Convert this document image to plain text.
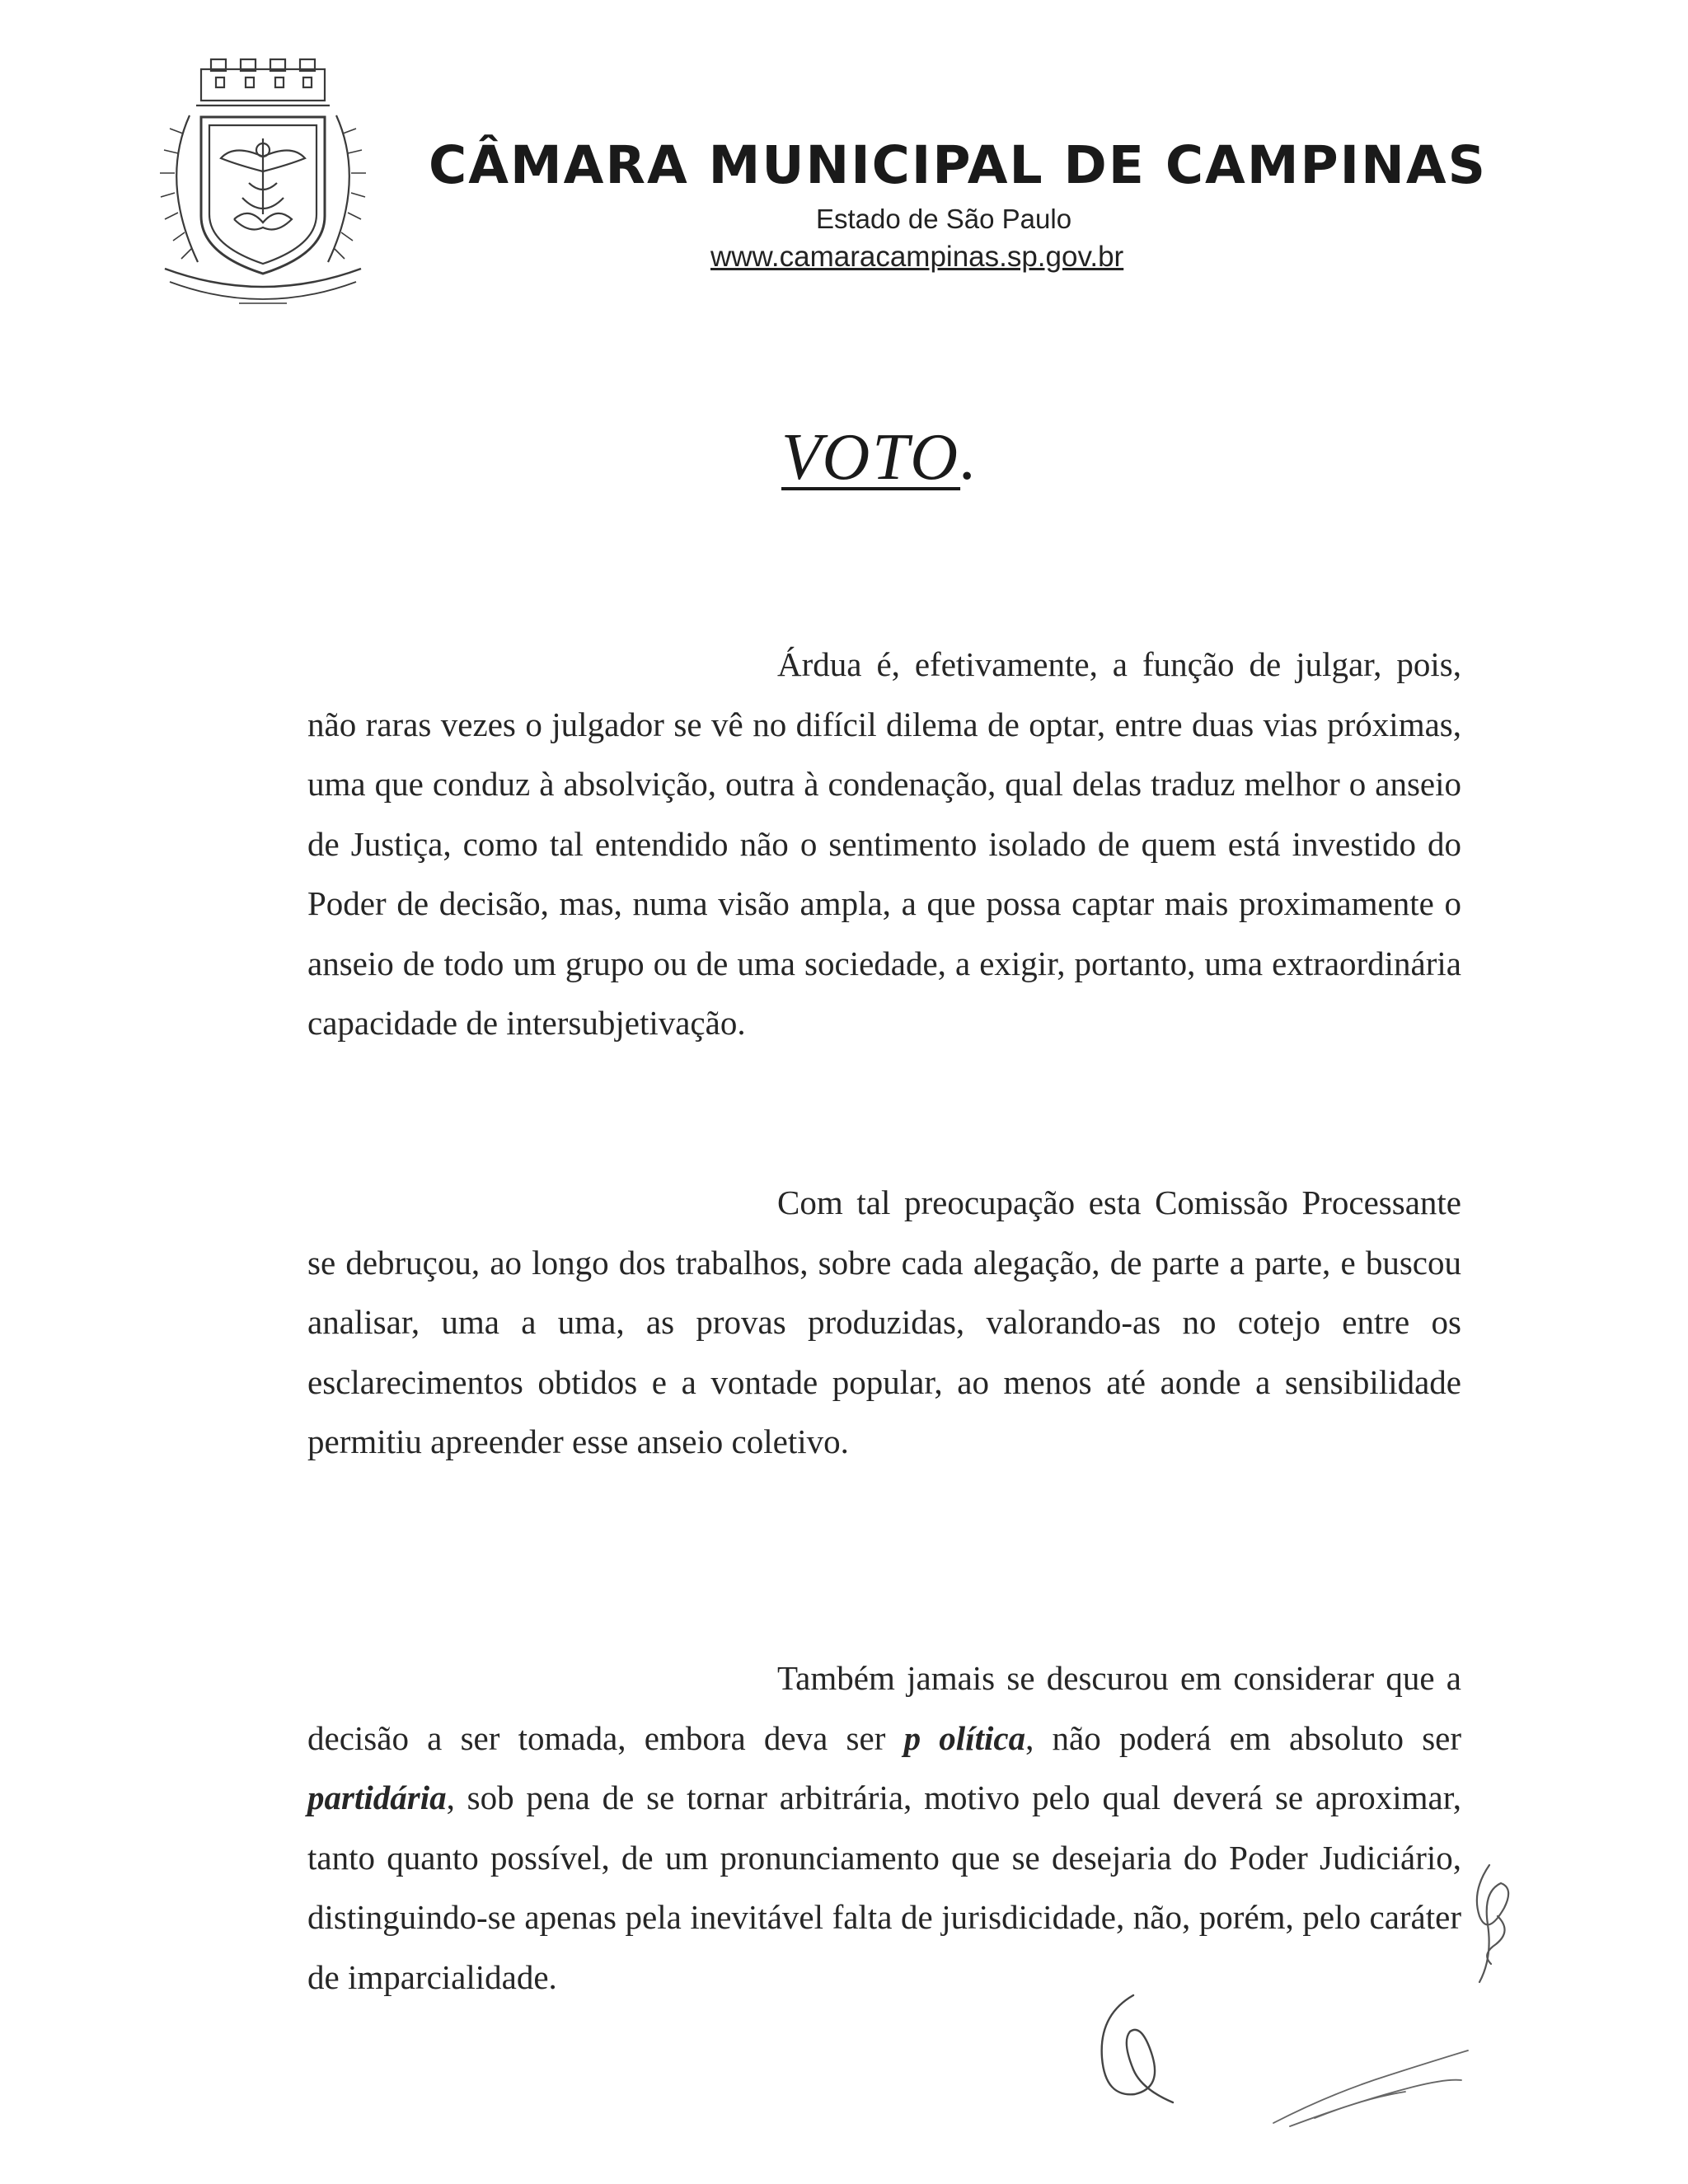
CÂMARA MUNICIPAL DE CAMPINAS
Estado de São Paulo
www.camaracampinas.sp.gov.br
VOTO.

Árdua é, efetivamente, a função de julgar, pois, não raras vezes o julgador se vê no difícil dilema de optar, entre duas vias próximas, uma que conduz à absolvição, outra à condenação, qual delas traduz melhor o anseio de Justiça, como tal entendido não o sentimento isolado de quem está investido do Poder de decisão, mas, numa visão ampla, a que possa captar mais proximamente o anseio de todo um grupo ou de uma sociedade, a exigir, portanto, uma extraordinária capacidade de intersubjetivação.

Com tal preocupação esta Comissão Processante se debruçou, ao longo dos trabalhos, sobre cada alegação, de parte a parte, e buscou analisar, uma a uma, as provas produzidas, valorando-as no cotejo entre os esclarecimentos obtidos e a vontade popular, ao menos até aonde a sensibilidade permitiu apreender esse anseio coletivo.

Também jamais se descurou em considerar que a decisão a ser tomada, embora deva ser p olítica, não poderá em absoluto ser partidária, sob pena de se tornar arbitrária, motivo pelo qual deverá se aproximar, tanto quanto possível, de um pronunciamento que se desejaria do Poder Judiciário, distinguindo-se apenas pela inevitável falta de jurisdicidade, não, porém, pelo caráter de imparcialidade.
